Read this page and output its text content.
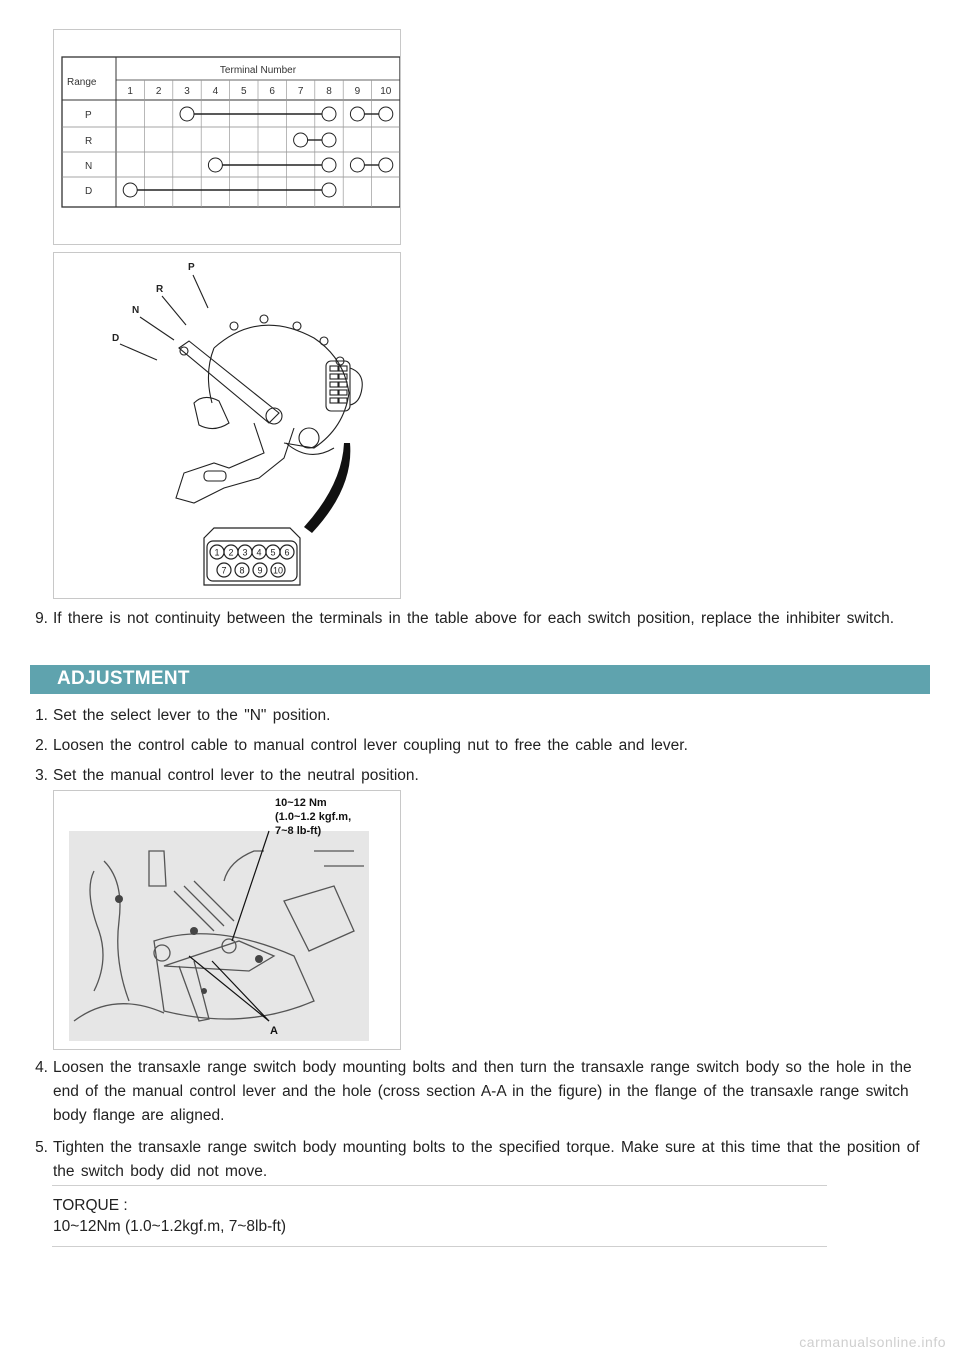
Range
Terminal Number
1 2 3 4 5 6 7 8 9 10
P
R
N
D
P
R
N
D
1 2 3 4 5 6
7 8 9 10
9. If there is not continuity between the terminals in the table above for each switch position, replace the inhibiter switch.
ADJUSTMENT
1. Set the select lever to the "N" position.
2. Loosen the control cable to manual control lever coupling nut to free the cable and lever.
3. Set the manual control lever to the neutral position.
10~12 Nm
(1.0~1.2 kgf.m,
7~8 lb-ft)
A
4. Loosen the transaxle range switch body mounting bolts and then turn the transaxle range switch body so the hole in the end of the manual control lever and the hole (cross section A-A in the figure) in the flange of the transaxle range switch body flange are aligned.
5. Tighten the transaxle range switch body mounting bolts to the specified torque. Make sure at this time that the position of the switch body did not move.
TORQUE :
10~12Nm (1.0~1.2kgf.m, 7~8lb-ft)
carmanualsonline.info
